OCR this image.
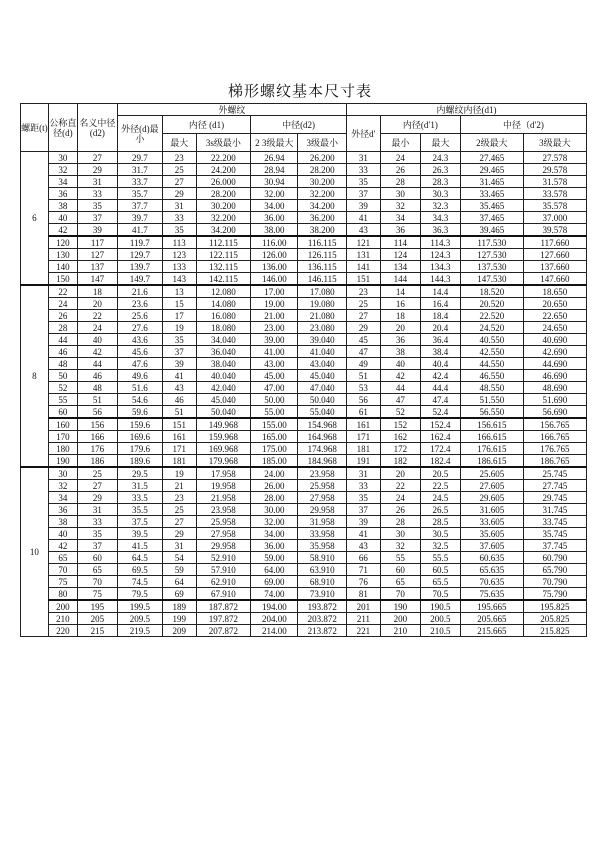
梯形螺纹基本尺寸表
螺距(t)	公称直径(d)	名义中径(d2)	外螺纹					内螺纹内径(d1)				
			外径(d)最小	内径 (d1)		中径(d2)		外径d′	内径(d′1)		中径（d′2)	
				最大	3s级最小	2 3级最大	3级最小		最小	最大	2级最大	3级最大
6	30	27	29.7	23	22.200	26.94	26.200	31	24	24.3	27.465	27.578
	32	29	31.7	25	24.200	28.94	28.200	33	26	26.3	29.465	29.578
	34	31	33.7	27	26.000	30.94	30.200	35	28	28.3	31.465	31.578
	36	33	35.7	29	28.200	32.00	32.200	37	30	30.3	33.465	33.578
	38	35	37.7	31	30.200	34.00	34.200	39	32	32.3	35.465	35.578
	40	37	39.7	33	32.200	36.00	36.200	41	34	34.3	37.465	37.000
	42	39	41.7	35	34.200	38.00	38.200	43	36	36.3	39.465	39.578
	120	117	119.7	113	112.115	116.00	116.115	121	114	114.3	117.530	117.660
	130	127	129.7	123	122.115	126.00	126.115	131	124	124.3	127.530	127.660
	140	137	139.7	133	132.115	136.00	136.115	141	134	134.3	137.530	137.660
	150	147	149.7	143	142.115	146.00	146.115	151	144	144.3	147.530	147.660
8	22	18	21.6	13	12.080	17.00	17.080	23	14	14.4	18.520	18.650
	24	20	23.6	15	14.080	19.00	19.080	25	16	16.4	20.520	20.650
	26	22	25.6	17	16.080	21.00	21.080	27	18	18.4	22.520	22.650
	28	24	27.6	19	18.080	23.00	23.080	29	20	20.4	24.520	24.650
	44	40	43.6	35	34.040	39.00	39.040	45	36	36.4	40.550	40.690
	46	42	45.6	37	36.040	41.00	41.040	47	38	38.4	42.550	42.690
	48	44	47.6	39	38.040	43.00	43.040	49	40	40.4	44.550	44.690
	50	46	49.6	41	40.040	45.00	45.040	51	42	42.4	46.550	46.690
	52	48	51.6	43	42.040	47.00	47.040	53	44	44.4	48.550	48.690
	55	51	54.6	46	45.040	50.00	50.040	56	47	47.4	51.550	51.690
	60	56	59.6	51	50.040	55.00	55.040	61	52	52.4	56.550	56.690
	160	156	159.6	151	149.968	155.00	154.968	161	152	152.4	156.615	156.765
	170	166	169.6	161	159.968	165.00	164.968	171	162	162.4	166.615	166.765
	180	176	179.6	171	169.968	175.00	174.968	181	172	172.4	176.615	176.765
	190	186	189.6	181	179.968	185.00	184.968	191	182	182.4	186.615	186.765
10	30	25	29.5	19	17.958	24.00	23.958	31	20	20.5	25.605	25.745
	32	27	31.5	21	19.958	26.00	25.958	33	22	22.5	27.605	27.745
	34	29	33.5	23	21.958	28.00	27.958	35	24	24.5	29.605	29.745
	36	31	35.5	25	23.958	30.00	29.958	37	26	26.5	31.605	31.745
	38	33	37.5	27	25.958	32.00	31.958	39	28	28.5	33.605	33.745
	40	35	39.5	29	27.958	34.00	33.958	41	30	30.5	35.605	35.745
	42	37	41.5	31	29.958	36.00	35.958	43	32	32.5	37.605	37.745
	65	60	64.5	54	52.910	59.00	58.910	66	55	55.5	60.635	60.790
	70	65	69.5	59	57.910	64.00	63.910	71	60	60.5	65.635	65.790
	75	70	74.5	64	62.910	69.00	68.910	76	65	65.5	70.635	70.790
	80	75	79.5	69	67.910	74.00	73.910	81	70	70.5	75.635	75.790
	200	195	199.5	189	187.872	194.00	193.872	201	190	190.5	195.665	195.825
	210	205	209.5	199	197.872	204.00	203.872	211	200	200.5	205.665	205.825
	220	215	219.5	209	207.872	214.00	213.872	221	210	210.5	215.665	215.825
